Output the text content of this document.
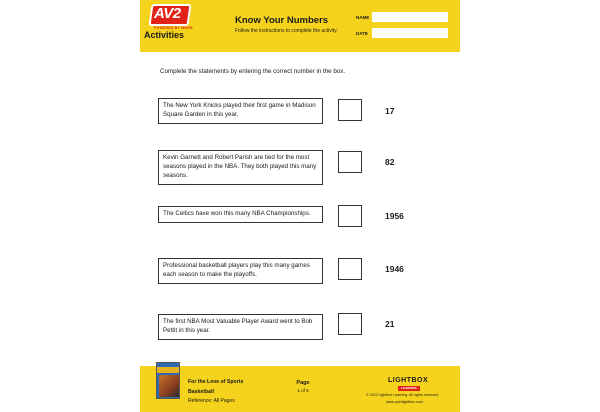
AV2
POWERED BY WEIGL
Activities
Know Your Numbers
Follow the instructions to complete the activity.
NAME
DATE

Complete the statements by entering the correct number in the box.

The New York Knicks played their first game in Madison Square Garden in this year.	17
Kevin Garnett and Robert Parish are tied for the most seasons played in the NBA. They both played this many seasons.
82
The Celtics have won this many NBA Championships.	1956
Professional basketball players play this many games each season to make the playoffs.
1946
The first NBA Most Valuable Player Award went to Bob Pettit in this year.
21
For the Love of Sports
Basketball
Reference: All Pages
Page
1 of 5
LIGHTBOX
LEARNING
© 2022 Lightbox Learning. All rights reserved.
www.openlightbox.com
